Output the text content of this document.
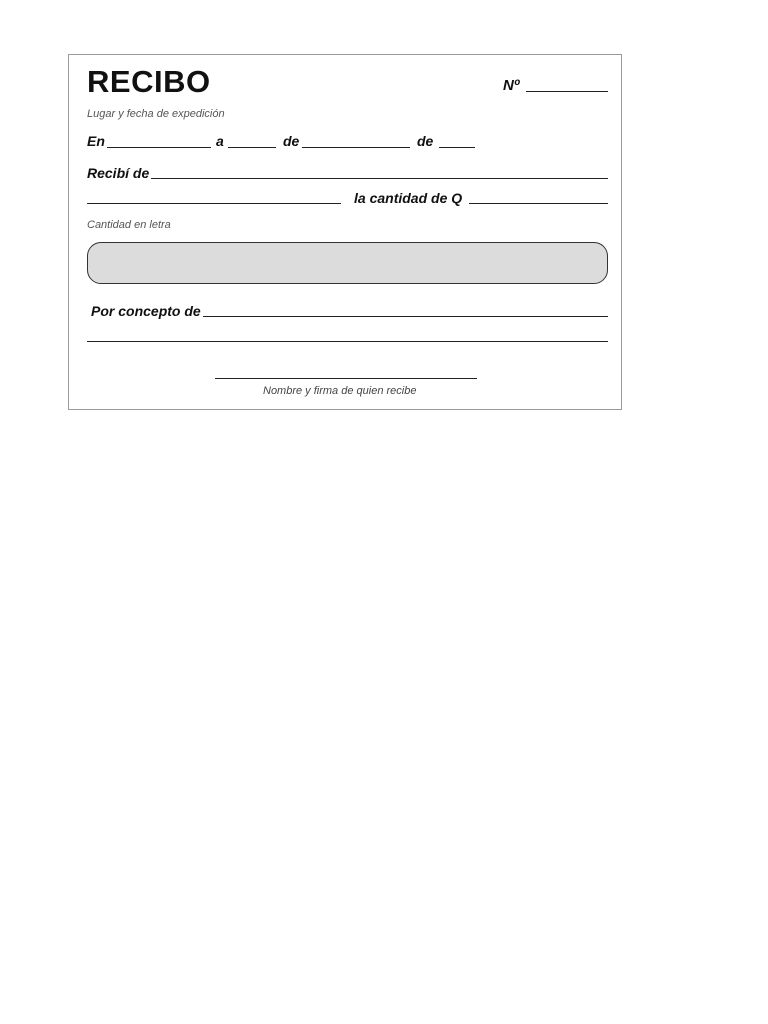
RECIBO	Nº
Lugar y fecha de expedición
En	a	de	de
Recibí de
la cantidad de Q
Cantidad en letra
Por concepto de
Nombre y firma de quien recibe
